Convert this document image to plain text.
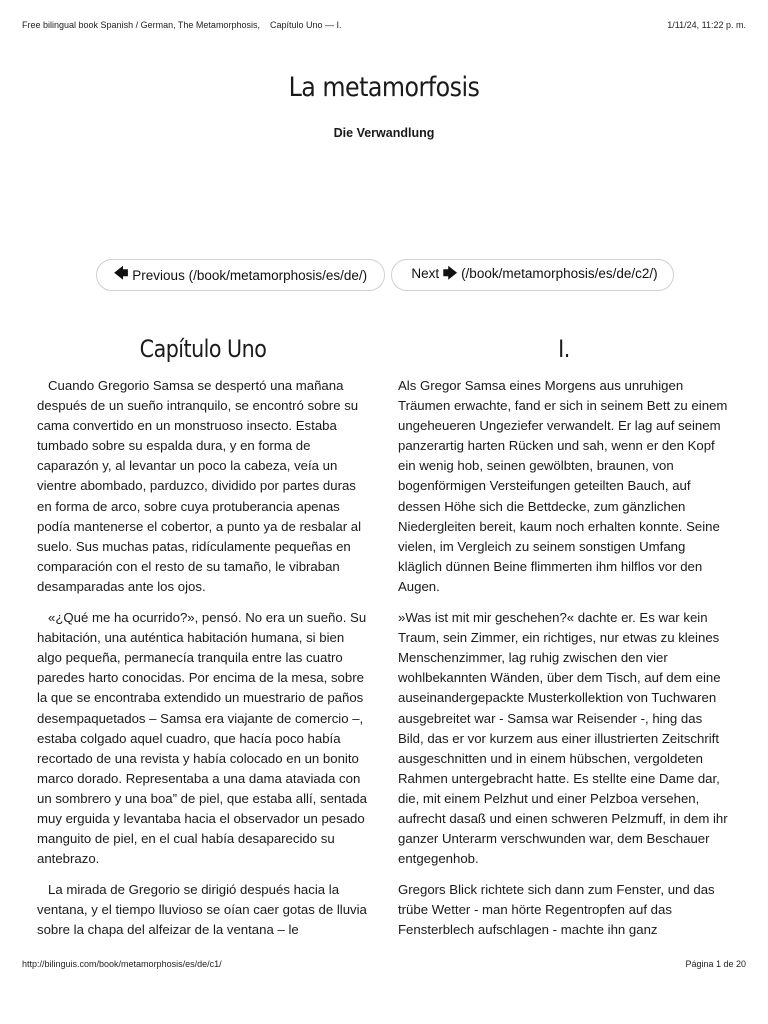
Free bilingual book Spanish / German, The Metamorphosis,    Capítulo Uno — I.	1/11/24, 11:22 p. m.
La metamorfosis

Die Verwandlung

🡄 Previous (/book/metamorphosis/es/de/)	Next 🡆 (/book/metamorphosis/es/de/c2/)
Capítulo Uno

Cuando Gregorio Samsa se despertó una mañana después de un sueño intranquilo, se encontró sobre su cama convertido en un monstruoso insecto. Estaba tumbado sobre su espalda dura, y en forma de caparazón y, al levantar un poco la cabeza, veía un vientre abombado, parduzco, dividido por partes duras en forma de arco, sobre cuya protuberancia apenas podía mantenerse el cobertor, a punto ya de resbalar al suelo. Sus muchas patas, ridículamente pequeñas en comparación con el resto de su tamaño, le vibraban desamparadas ante los ojos.

«¿Qué me ha ocurrido?», pensó. No era un sueño. Su habitación, una auténtica habitación humana, si bien algo pequeña, permanecía tranquila entre las cuatro paredes harto conocidas. Por encima de la mesa, sobre la que se encontraba extendido un muestrario de paños desempaquetados – Samsa era viajante de comercio –, estaba colgado aquel cuadro, que hacía poco había recortado de una revista y había colocado en un bonito marco dorado. Representaba a una dama ataviada con un sombrero y una boa” de piel, que estaba allí, sentada muy erguida y levantaba hacia el observador un pesado manguito de piel, en el cual había desaparecido su antebrazo.

La mirada de Gregorio se dirigió después hacia la ventana, y el tiempo lluvioso se oían caer gotas de lluvia sobre la chapa del alfeizar de la ventana – le

I.

Als Gregor Samsa eines Morgens aus unruhigen Träumen erwachte, fand er sich in seinem Bett zu einem ungeheueren Ungeziefer verwandelt. Er lag auf seinem panzerartig harten Rücken und sah, wenn er den Kopf ein wenig hob, seinen gewölbten, braunen, von bogenförmigen Versteifungen geteilten Bauch, auf dessen Höhe sich die Bettdecke, zum gänzlichen Niedergleiten bereit, kaum noch erhalten konnte. Seine vielen, im Vergleich zu seinem sonstigen Umfang kläglich dünnen Beine flimmerten ihm hilflos vor den Augen.

»Was ist mit mir geschehen?« dachte er. Es war kein Traum, sein Zimmer, ein richtiges, nur etwas zu kleines Menschenzimmer, lag ruhig zwischen den vier wohlbekannten Wänden, über dem Tisch, auf dem eine auseinandergepackte Musterkollektion von Tuchwaren ausgebreitet war - Samsa war Reisender -, hing das Bild, das er vor kurzem aus einer illustrierten Zeitschrift ausgeschnitten und in einem hübschen, vergoldeten Rahmen untergebracht hatte. Es stellte eine Dame dar, die, mit einem Pelzhut und einer Pelzboa versehen, aufrecht dasaß und einen schweren Pelzmuff, in dem ihr ganzer Unterarm verschwunden war, dem Beschauer entgegenhob.

Gregors Blick richtete sich dann zum Fenster, und das trübe Wetter - man hörte Regentropfen auf das Fensterblech aufschlagen - machte ihn ganz

http://bilinguis.com/book/metamorphosis/es/de/c1/	Página 1 de 20
